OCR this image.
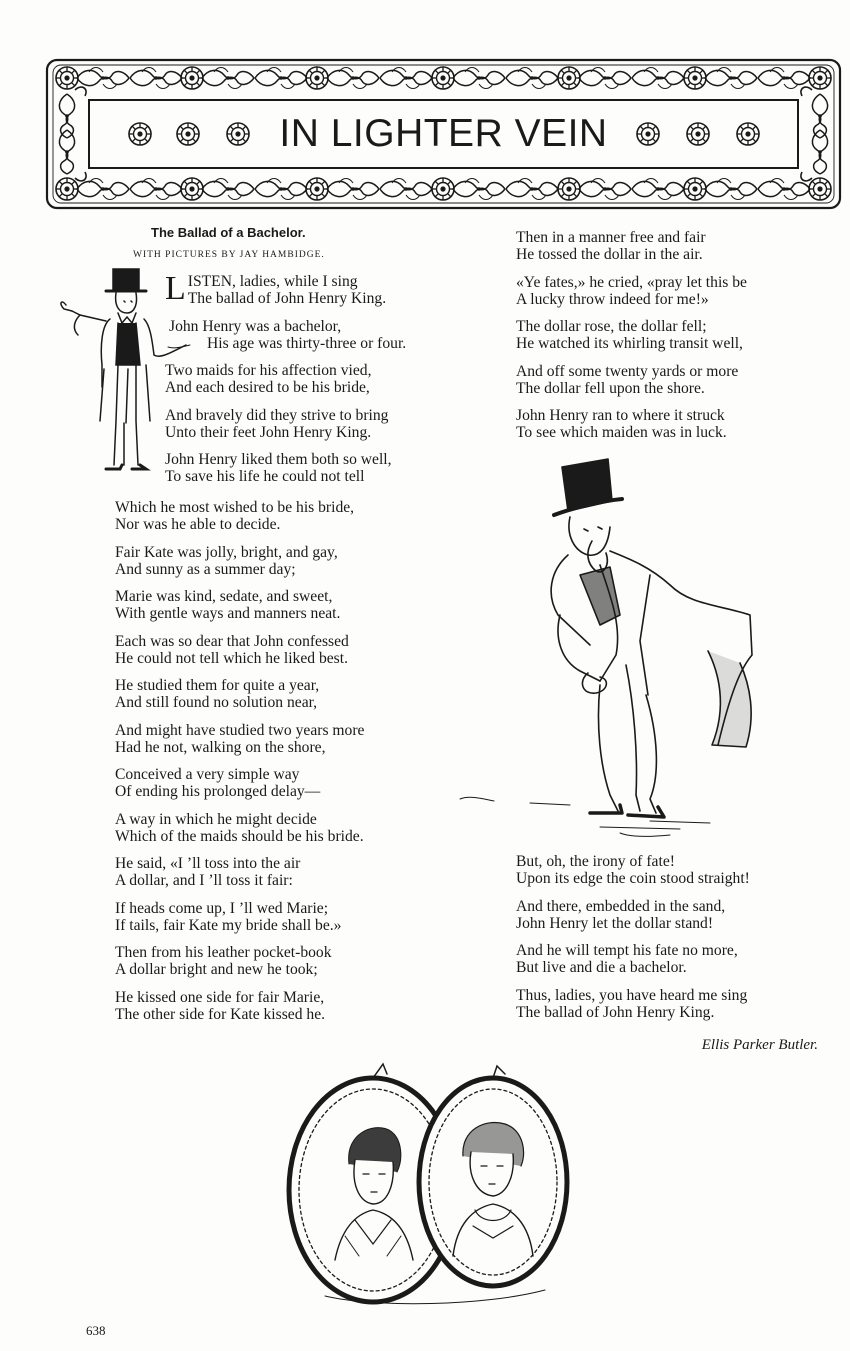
IN LIGHTER VEIN
The Ballad of a Bachelor.
WITH PICTURES BY JAY HAMBIDGE.
L ISTEN, ladies, while I sing
The ballad of John Henry King.
John Henry was a bachelor,
His age was thirty-three or four.
Two maids for his affection vied,
And each desired to be his bride,
And bravely did they strive to bring
Unto their feet John Henry King.
John Henry liked them both so well,
To save his life he could not tell
Which he most wished to be his bride,
Nor was he able to decide.
Fair Kate was jolly, bright, and gay,
And sunny as a summer day;
Marie was kind, sedate, and sweet,
With gentle ways and manners neat.
Each was so dear that John confessed
He could not tell which he liked best.
He studied them for quite a year,
And still found no solution near,
And might have studied two years more
Had he not, walking on the shore,
Conceived a very simple way
Of ending his prolonged delay—
A way in which he might decide
Which of the maids should be his bride.
He said, «I ’ll toss into the air
A dollar, and I ’ll toss it fair:
If heads come up, I ’ll wed Marie;
If tails, fair Kate my bride shall be.»
Then from his leather pocket-book
A dollar bright and new he took;
He kissed one side for fair Marie,
The other side for Kate kissed he.
Then in a manner free and fair
He tossed the dollar in the air.
«Ye fates,» he cried, «pray let this be
A lucky throw indeed for me!»
The dollar rose, the dollar fell;
He watched its whirling transit well,
And off some twenty yards or more
The dollar fell upon the shore.
John Henry ran to where it struck
To see which maiden was in luck.
But, oh, the irony of fate!
Upon its edge the coin stood straight!
And there, embedded in the sand,
John Henry let the dollar stand!
And he will tempt his fate no more,
But live and die a bachelor.
Thus, ladies, you have heard me sing
The ballad of John Henry King.
Ellis Parker Butler.
638
